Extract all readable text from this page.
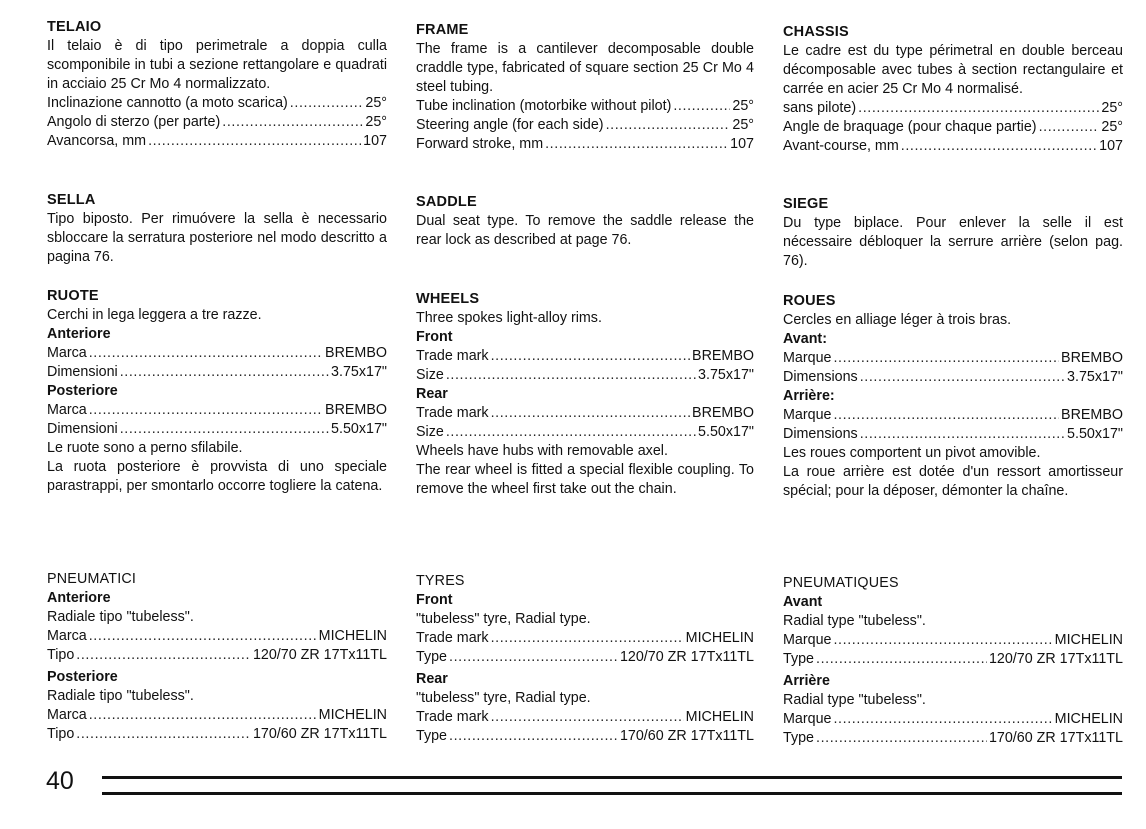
TELAIO
Il telaio è di tipo perimetrale a doppia culla scomponibile in tubi a sezione rettangolare e quadrati in acciaio 25 Cr Mo 4 normalizzato.
Inclinazione cannotto (a moto scarica) .....	25°
Angolo di sterzo (per parte) .....	25°
Avancorsa, mm .....	107
SELLA
Tipo biposto. Per rimuóvere la sella è necessario sbloccare la serratura posteriore nel modo descritto a pagina 76.
RUOTE
Cerchi in lega leggera a tre razze.
Anteriore
Marca .....	BREMBO
Dimensioni .....	3.75x17"
Posteriore
Marca .....	BREMBO
Dimensioni .....	5.50x17"
Le ruote sono a perno sfilabile.
La ruota posteriore è provvista di uno speciale parastrappi, per smontarlo occorre togliere la catena.
PNEUMATICI
Anteriore
Radiale tipo "tubeless".
Marca .....	MICHELIN
Tipo .....	120/70 ZR 17Tx11TL
Posteriore
Radiale tipo "tubeless".
Marca .....	MICHELIN
Tipo .....	170/60 ZR 17Tx11TL
FRAME
The frame is a cantilever decomposable double craddle type, fabricated of square section 25 Cr Mo 4 steel tubing.
Tube inclination (motorbike without pilot) .....	25°
Steering angle (for each side) .....	25°
Forward stroke, mm .....	107
SADDLE
Dual seat type. To remove the saddle release the rear lock as described at page 76.
WHEELS
Three spokes light-alloy rims.
Front
Trade mark .....	BREMBO
Size .....	3.75x17"
Rear
Trade mark .....	BREMBO
Size .....	5.50x17"
Wheels have hubs with removable axel.
The rear wheel is fitted a special flexible coupling. To remove the wheel first take out the chain.
TYRES
Front
"tubeless" tyre, Radial type.
Trade mark .....	MICHELIN
Type .....	120/70 ZR 17Tx11TL
Rear
"tubeless" tyre, Radial type.
Trade mark .....	MICHELIN
Type .....	170/60 ZR 17Tx11TL
CHASSIS
Le cadre est du type périmetral en double berceau décomposable avec tubes à section rectangulaire et carrée en acier 25 Cr Mo 4 normalisé.
sans pilote) .....	25°
Angle de braquage (pour chaque partie) .....	25°
Avant-course, mm .....	107
SIEGE
Du type biplace. Pour enlever la selle il est nécessaire débloquer la serrure arrière (selon pag. 76).
ROUES
Cercles en alliage léger à trois bras.
Avant:
Marque .....	BREMBO
Dimensions .....	3.75x17"
Arrière:
Marque .....	BREMBO
Dimensions .....	5.50x17"
Les roues comportent un pivot amovible.
La roue arrière est dotée d'un ressort amortisseur spécial; pour la déposer, démonter la chaîne.
PNEUMATIQUES
Avant
Radial type "tubeless".
Marque .....	MICHELIN
Type .....	120/70 ZR 17Tx11TL
Arrière
Radial type "tubeless".
Marque .....	MICHELIN
Type .....	170/60 ZR 17Tx11TL
40
